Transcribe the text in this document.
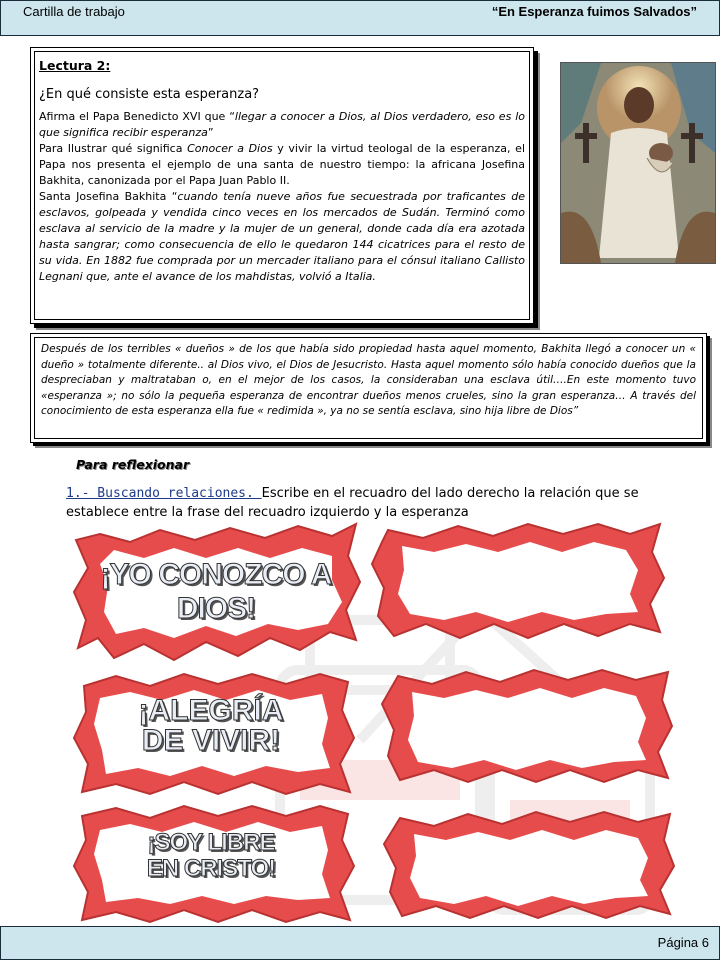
Cartilla de trabajo	“En Esperanza fuimos Salvados”
Lectura 2:
¿En qué consiste esta esperanza?

Afirma el Papa Benedicto XVI que “llegar a conocer a Dios, al Dios verdadero, eso es lo que significa recibir esperanza”

Para Ilustrar qué significa Conocer a Dios y vivir la virtud teologal de la esperanza, el Papa nos presenta el ejemplo de una santa de nuestro tiempo: la africana Josefina Bakhita, canonizada por el Papa Juan Pablo II.

Santa Josefina Bakhita “cuando tenía nueve años fue secuestrada por traficantes de esclavos, golpeada y vendida cinco veces en los mercados de Sudán. Terminó como esclava al servicio de la madre y la mujer de un general, donde cada día era azotada hasta sangrar; como consecuencia de ello le quedaron 144 cicatrices para el resto de su vida. En 1882 fue comprada por un mercader italiano para el cónsul italiano Callisto Legnani que, ante el avance de los mahdistas, volvió a Italia.

Después de los terribles « dueños » de los que había sido propiedad hasta aquel momento, Bakhita llegó a conocer un « dueño » totalmente diferente.. al Dios vivo, el Dios de Jesucristo. Hasta aquel momento sólo había conocido dueños que la despreciaban y maltrataban o, en el mejor de los casos, la consideraban una esclava útil….En este momento tuvo «esperanza »; no sólo la pequeña esperanza de encontrar dueños menos crueles, sino la gran esperanza… A través del conocimiento de esta esperanza ella fue « redimida », ya no se sentía esclava, sino hija libre de Dios”
Para reflexionar
1.- Buscando relaciones. Escribe en el recuadro del lado derecho la relación que se establece entre la frase del recuadro izquierdo y la esperanza
¡YO CONOZCO A DIOS!
¡ALEGRÍA
DE VIVIR!
¡SOY LIBRE
EN CRISTO!
Página 6
